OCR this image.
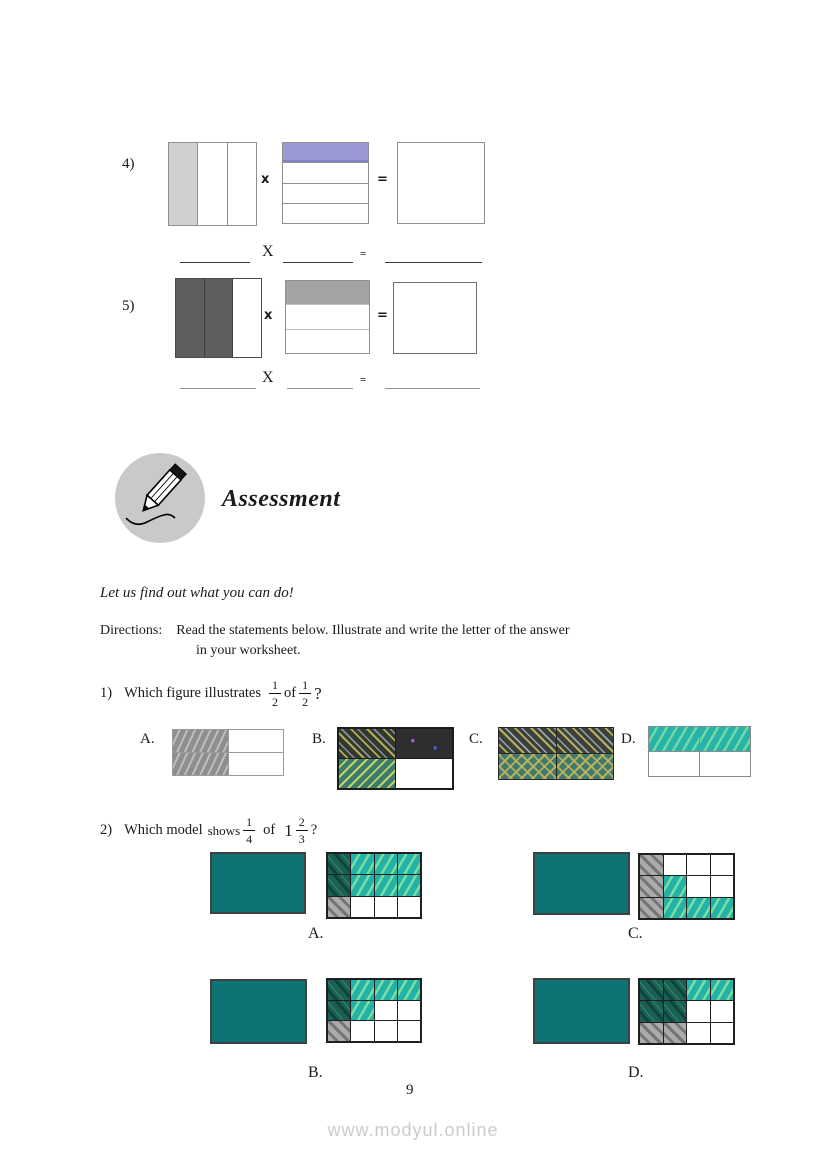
4)
x	=
X	=
5)
x	=
X	=
Assessment
Let us find out what you can do!
Directions: Read the statements below. Illustrate and write the letter of the answer
in your worksheet.
1) Which figure illustrates $\frac{1}{2}$ of $\frac{1}{2}$ ?
A.	B.	C.	D.
2) Which model shows $\frac{1}{4}$ of $1 \frac{2}{3}$ ?
A.	C.
B.	D.
9
www.modyul.online
